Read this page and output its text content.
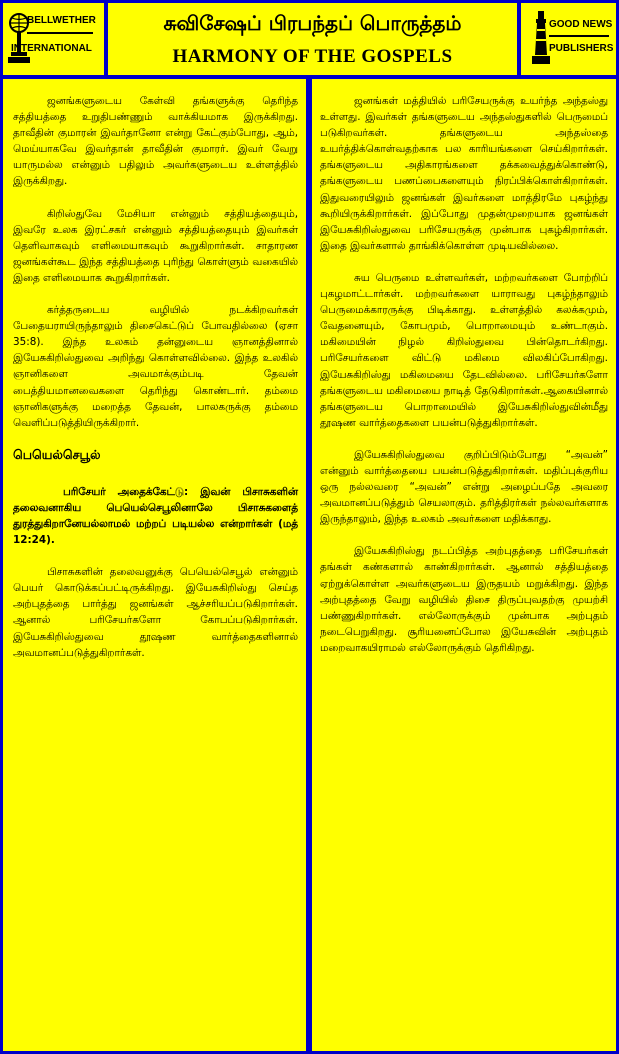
BELLWETHER
INTERNATIONAL
சுவிசேஷப் பிரபந்தப் பொருத்தம்
HARMONY OF THE GOSPELS
GOOD NEWS
PUBLISHERS

ஜனங்களுடைய கேள்வி தங்களுக்கு தெரிந்த சத்தியத்தை உறுதிபண்ணும் வாக்கியமாக இருக்கிறது. தாவீதின் குமாரன் இவர்தானோ என்று கேட்கும்போது, ஆம், மெய்யாகவே இவர்தான் தாவீதின் குமாரர். இவர் வேறு யாருமல்ல என்னும் பதிலும் அவர்களுடைய உள்ளத்தில் இருக்கிறது.

கிறிஸ்துவே மேசியா என்னும் சத்தியத்தையும், இவரே உலக இரட்சகர் என்னும் சத்தியத்தையும் இவர்கள் தெளிவாகவும் எளிமையாகவும் கூறுகிறார்கள். சாதாரண ஜனங்கள்கூட இந்த சத்தியத்தை புரிந்து கொள்ளும் வகையில் இதை எளிமையாக கூறுகிறார்கள்.

கர்த்தருடைய வழியில் நடக்கிறவர்கள் பேதையராயிருந்தாலும் திசைகெட்டுப் போவதில்லை (ஏசா 35:8). இந்த உலகம் தன்னுடைய ஞானத்தினால் இயேசுகிறிஸ்துவை அறிந்து கொள்ளவில்லை. இந்த உலகில் ஞானிகளை அவமாக்கும்படி தேவன் பைத்தியமானவைகளை தெரிந்து கொண்டார். தம்மை ஞானிகளுக்கு மறைத்த தேவன், பாலகருக்கு தம்மை வெளிப்படுத்தியிருக்கிறார்.

பெயெல்செபூல்

பரிசேயர் அதைக்கேட்டு: இவன் பிசாசுகளின் தலைவனாகிய பெயெல்செபூலினாலே பிசாசுகளைத் துரத்துகிறானேயல்லாமல் மற்றப் படியல்ல என்றார்கள் (மத் 12:24).

பிசாசுகளின் தலைவனுக்கு பெயெல்செபூல் என்னும் பெயர் கொடுக்கப்பட்டிருக்கிறது. இயேசுகிறிஸ்து செய்த அற்புதத்தை பார்த்து ஜனங்கள் ஆச்சரியப்படுகிறார்கள். ஆனால் பரிசேயர்களோ கோபப்படுகிறார்கள். இயேசுகிறிஸ்துவை தூஷண வார்த்தைகளினால் அவமானப்படுத்துகிறார்கள்.

ஜனங்கள் மத்தியில் பரிசேயருக்கு உயர்ந்த அந்தஸ்து உள்ளது. இவர்கள் தங்களுடைய அந்தஸ்துகளில் பெருமைப் படுகிறவர்கள். தங்களுடைய அந்தஸ்தை உயர்த்திக்கொள்வதற்காக பல காரியங்களை செய்கிறார்கள். தங்களுடைய அதிகாரங்களை தக்கவைத்துக்கொண்டு, தங்களுடைய பணப்பைகளையும் நிரப்பிக்கொள்கிறார்கள். இதுவரையிலும் ஜனங்கள் இவர்களை மாத்திரமே புகழ்ந்து கூறியிருக்கிறார்கள். இப்போது முதன்முறையாக ஜனங்கள் இயேசுகிறிஸ்துவை பரிசேயருக்கு முன்பாக புகழ்கிறார்கள். இதை இவர்களால் தாங்கிக்கொள்ள முடியவில்லை.

சுய பெருமை உள்ளவர்கள், மற்றவர்களை போற்றிப் புகழமாட்டார்கள். மற்றவர்களை யாராவது புகழ்ந்தாலும் பெருமைக்காரருக்கு பிடிக்காது. உள்ளத்தில் கலக்கமும், வேதனையும், கோபமும், பொறாமையும் உண்டாகும். மகிமையின் நிழல் கிறிஸ்துவை பின்தொடர்கிறது. பரிசேயர்களை விட்டு மகிமை விலகிப்போகிறது. இயேசுகிறிஸ்து மகிமையை தேடவில்லை. பரிசேயர்களோ தங்களுடைய மகிமையை நாடித் தேடுகிறார்கள்.ஆகையினால் தங்களுடைய பொறாமையில் இயேசுகிறிஸ்துவின்மீது தூஷண வார்த்தைகளை பயன்படுத்துகிறார்கள்.

இயேசுகிறிஸ்துவை குறிப்பிடும்போது “அவன்” என்னும் வார்த்தையை பயன்படுத்துகிறார்கள். மதிப்புக்குரிய ஒரு நல்லவரை “அவன்” என்று அழைப்பதே அவரை அவமானப்படுத்தும் செயலாகும். தரித்திரர்கள் நல்லவர்களாக இருந்தாலும், இந்த உலகம் அவர்களை மதிக்காது.

இயேசுகிறிஸ்து நடப்பித்த அற்புதத்தை பரிசேயர்கள் தங்கள் கண்களால் காண்கிறார்கள். ஆனால் சத்தியத்தை ஏற்றுக்கொள்ள அவர்களுடைய இருதயம் மறுக்கிறது. இந்த அற்புதத்தை வேறு வழியில் திசை திருப்புவதற்கு முயற்சி பண்ணுகிறார்கள். எல்லோருக்கும் முன்பாக அற்புதம் நடைபெறுகிறது. சூரியனைப்போல இயேசுவின் அற்புதம் மறைவாகயிராமல் எல்லோருக்கும் தெரிகிறது.
